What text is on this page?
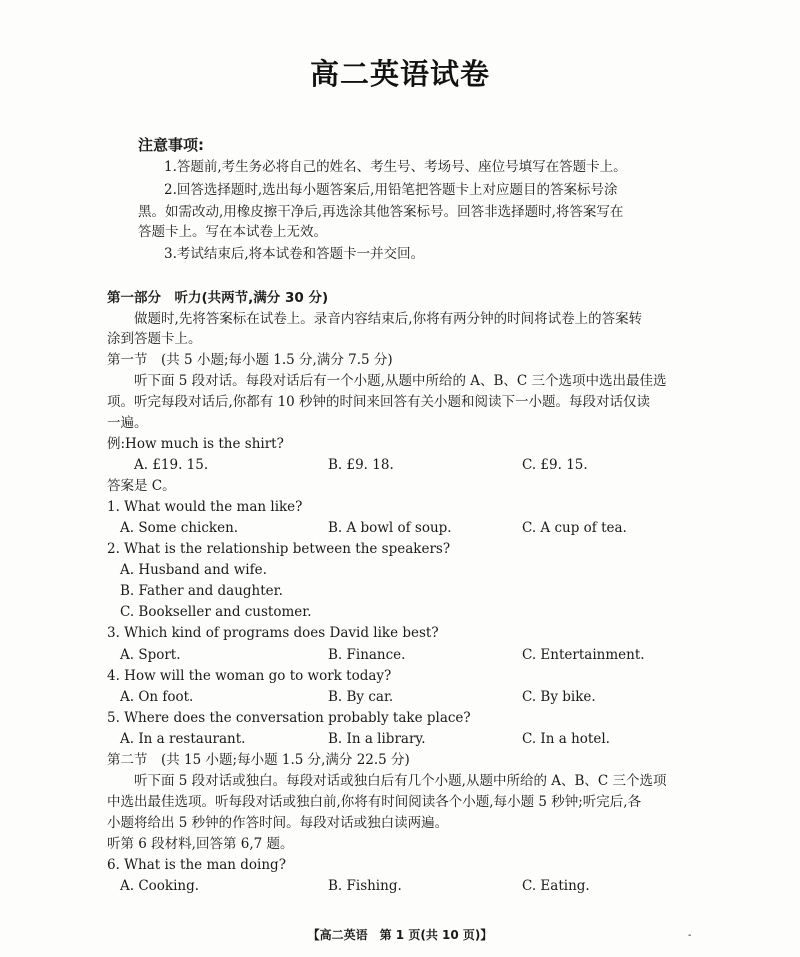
高二英语试卷
注意事项:
1.答题前,考生务必将自己的姓名、考生号、考场号、座位号填写在答题卡上。
2.回答选择题时,选出每小题答案后,用铅笔把答题卡上对应题目的答案标号涂
黑。如需改动,用橡皮擦干净后,再选涂其他答案标号。回答非选择题时,将答案写在
答题卡上。写在本试卷上无效。
3.考试结束后,将本试卷和答题卡一并交回。
第一部分　听力(共两节,满分 30 分)
做题时,先将答案标在试卷上。录音内容结束后,你将有两分钟的时间将试卷上的答案转
涂到答题卡上。
第一节　(共 5 小题;每小题 1.5 分,满分 7.5 分)
听下面 5 段对话。每段对话后有一个小题,从题中所给的 A、B、C 三个选项中选出最佳选
项。听完每段对话后,你都有 10 秒钟的时间来回答有关小题和阅读下一小题。每段对话仅读
一遍。
例:How much is the shirt?
A. £19. 15.	B. £9. 18.	C. £9. 15.
答案是 C。
1. What would the man like?
A. Some chicken.	B. A bowl of soup.	C. A cup of tea.
2. What is the relationship between the speakers?
A. Husband and wife.
B. Father and daughter.
C. Bookseller and customer.
3. Which kind of programs does David like best?
A. Sport.	B. Finance.	C. Entertainment.
4. How will the woman go to work today?
A. On foot.	B. By car.	C. By bike.
5. Where does the conversation probably take place?
A. In a restaurant.	B. In a library.	C. In a hotel.
第二节　(共 15 小题;每小题 1.5 分,满分 22.5 分)
听下面 5 段对话或独白。每段对话或独白后有几个小题,从题中所给的 A、B、C 三个选项
中选出最佳选项。听每段对话或独白前,你将有时间阅读各个小题,每小题 5 秒钟;听完后,各
小题将给出 5 秒钟的作答时间。每段对话或独白读两遍。
听第 6 段材料,回答第 6,7 题。
6. What is the man doing?
A. Cooking.	B. Fishing.	C. Eating.
【高二英语　第 1 页(共 10 页)】	-
